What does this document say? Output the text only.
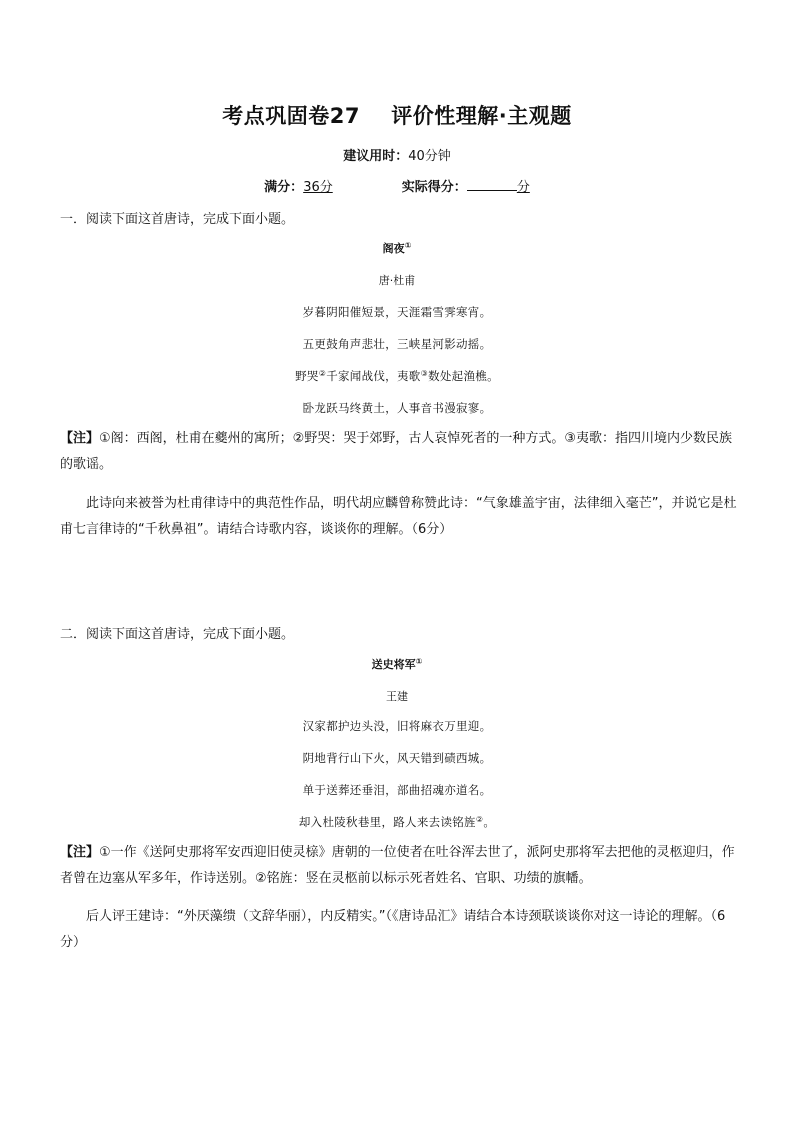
考点巩固卷27    评价性理解·主观题
建议用时：40分钟
满分：36分	实际得分：	分
一．阅读下面这首唐诗，完成下面小题。
阁夜①
唐·杜甫
岁暮阴阳催短景，天涯霜雪霁寒宵。
五更鼓角声悲壮，三峡星河影动摇。
野哭②千家闻战伐，夷歌③数处起渔樵。
卧龙跃马终黄土，人事音书漫寂寥。
【注】①阁：西阁，杜甫在夔州的寓所；②野哭：哭于郊野，古人哀悼死者的一种方式。③夷歌：指四川境内少数民族的歌谣。
此诗向来被誉为杜甫律诗中的典范性作品，明代胡应麟曾称赞此诗：“气象雄盖宇宙，法律细入毫芒”，并说它是杜甫七言律诗的“千秋鼻祖”。请结合诗歌内容，谈谈你的理解。（6分）
二．阅读下面这首唐诗，完成下面小题。
送史将军①
王建
汉家都护边头没，旧将麻衣万里迎。
阴地背行山下火，风天错到碛西城。
单于送葬还垂泪，部曲招魂亦道名。
却入杜陵秋巷里，路人来去读铭旌②。
【注】①一作《送阿史那将军安西迎旧使灵榇》唐朝的一位使者在吐谷浑去世了，派阿史那将军去把他的灵柩迎归，作者曾在边塞从军多年，作诗送别。②铭旌：竖在灵柩前以标示死者姓名、官职、功绩的旗幡。
后人评王建诗：“外厌藻缋（文辞华丽），内反精实。”（《唐诗品汇》请结合本诗颈联谈谈你对这一诗论的理解。（6分）
